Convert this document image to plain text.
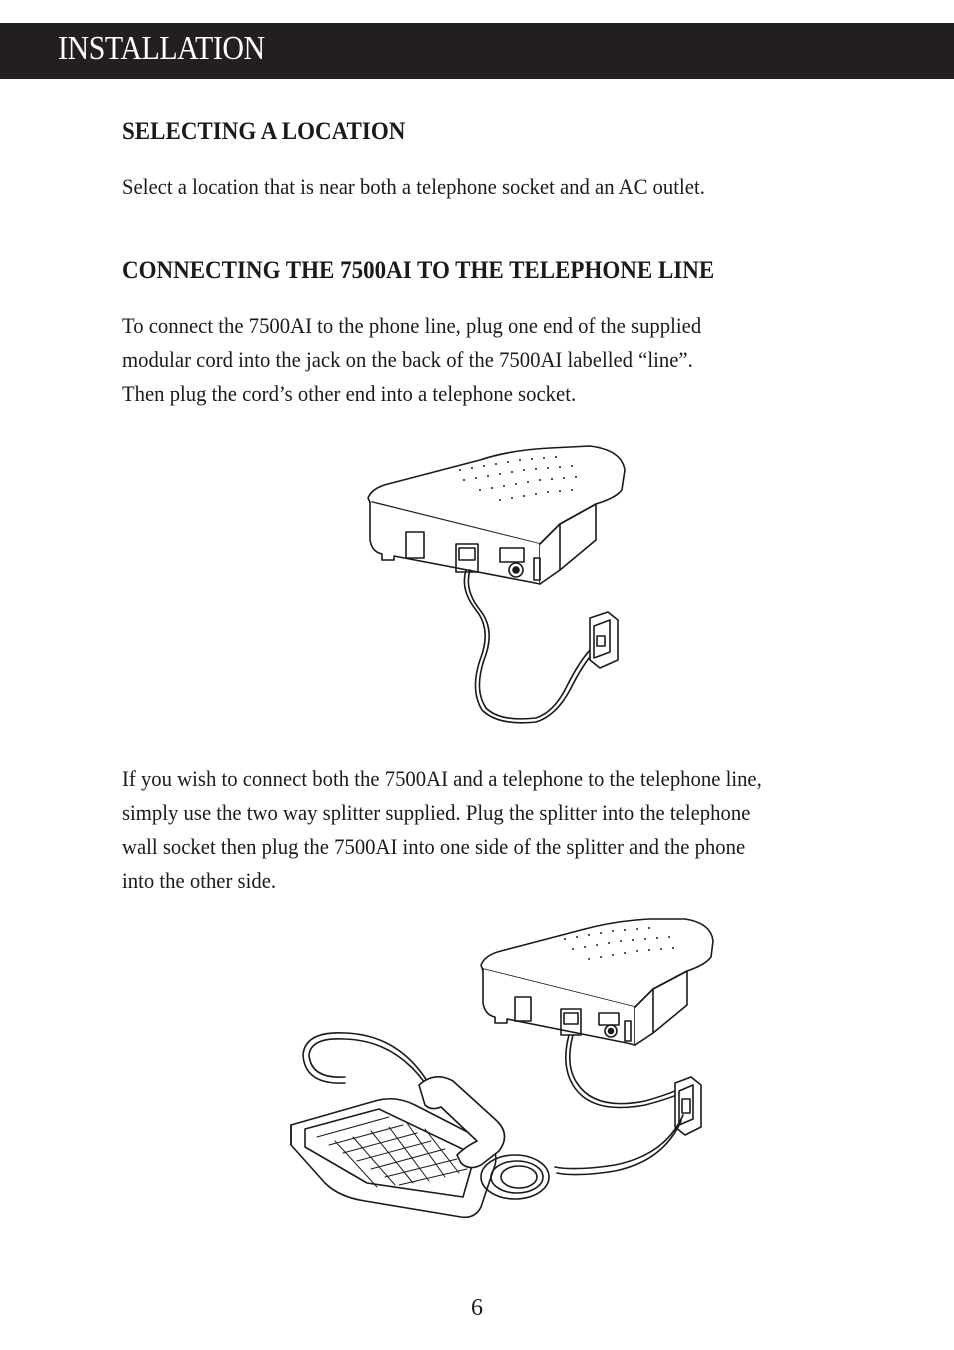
INSTALLATION
SELECTING A LOCATION
Select a location that is near both a telephone socket and an AC outlet.
CONNECTING THE 7500AI TO THE TELEPHONE LINE
To connect the 7500AI to the phone line, plug one end of the supplied
modular cord into the jack on the back of the 7500AI labelled “line”.
Then plug the cord’s other end into a telephone socket.
If you wish to connect both the 7500AI and a telephone to the telephone line,
simply use the two way splitter supplied. Plug the splitter into the telephone
wall socket then plug the 7500AI into one side of the splitter and the phone
into the other side.
6
